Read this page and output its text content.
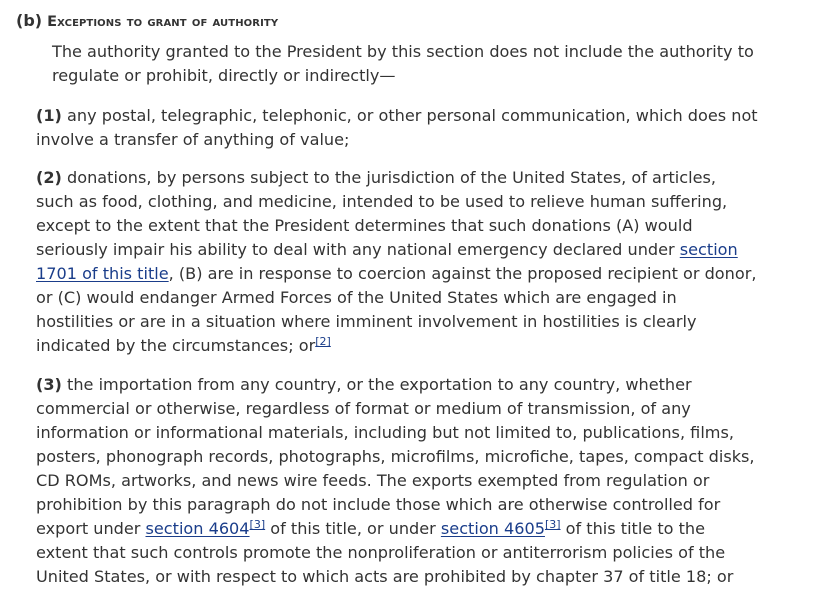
(b) Exceptions to grant of authority
The authority granted to the President by this section does not include the authority to
regulate or prohibit, directly or indirectly—
(1) any postal, telegraphic, telephonic, or other personal communication, which does not
involve a transfer of anything of value;
(2) donations, by persons subject to the jurisdiction of the United States, of articles,
such as food, clothing, and medicine, intended to be used to relieve human suffering,
except to the extent that the President determines that such donations (A) would
seriously impair his ability to deal with any national emergency declared under section
1701 of this title, (B) are in response to coercion against the proposed recipient or donor,
or (C) would endanger Armed Forces of the United States which are engaged in
hostilities or are in a situation where imminent involvement in hostilities is clearly
indicated by the circumstances; or[2]
(3) the importation from any country, or the exportation to any country, whether
commercial or otherwise, regardless of format or medium of transmission, of any
information or informational materials, including but not limited to, publications, films,
posters, phonograph records, photographs, microfilms, microfiche, tapes, compact disks,
CD ROMs, artworks, and news wire feeds. The exports exempted from regulation or
prohibition by this paragraph do not include those which are otherwise controlled for
export under section 4604[3] of this title, or under section 4605[3] of this title to the
extent that such controls promote the nonproliferation or antiterrorism policies of the
United States, or with respect to which acts are prohibited by chapter 37 of title 18; or
